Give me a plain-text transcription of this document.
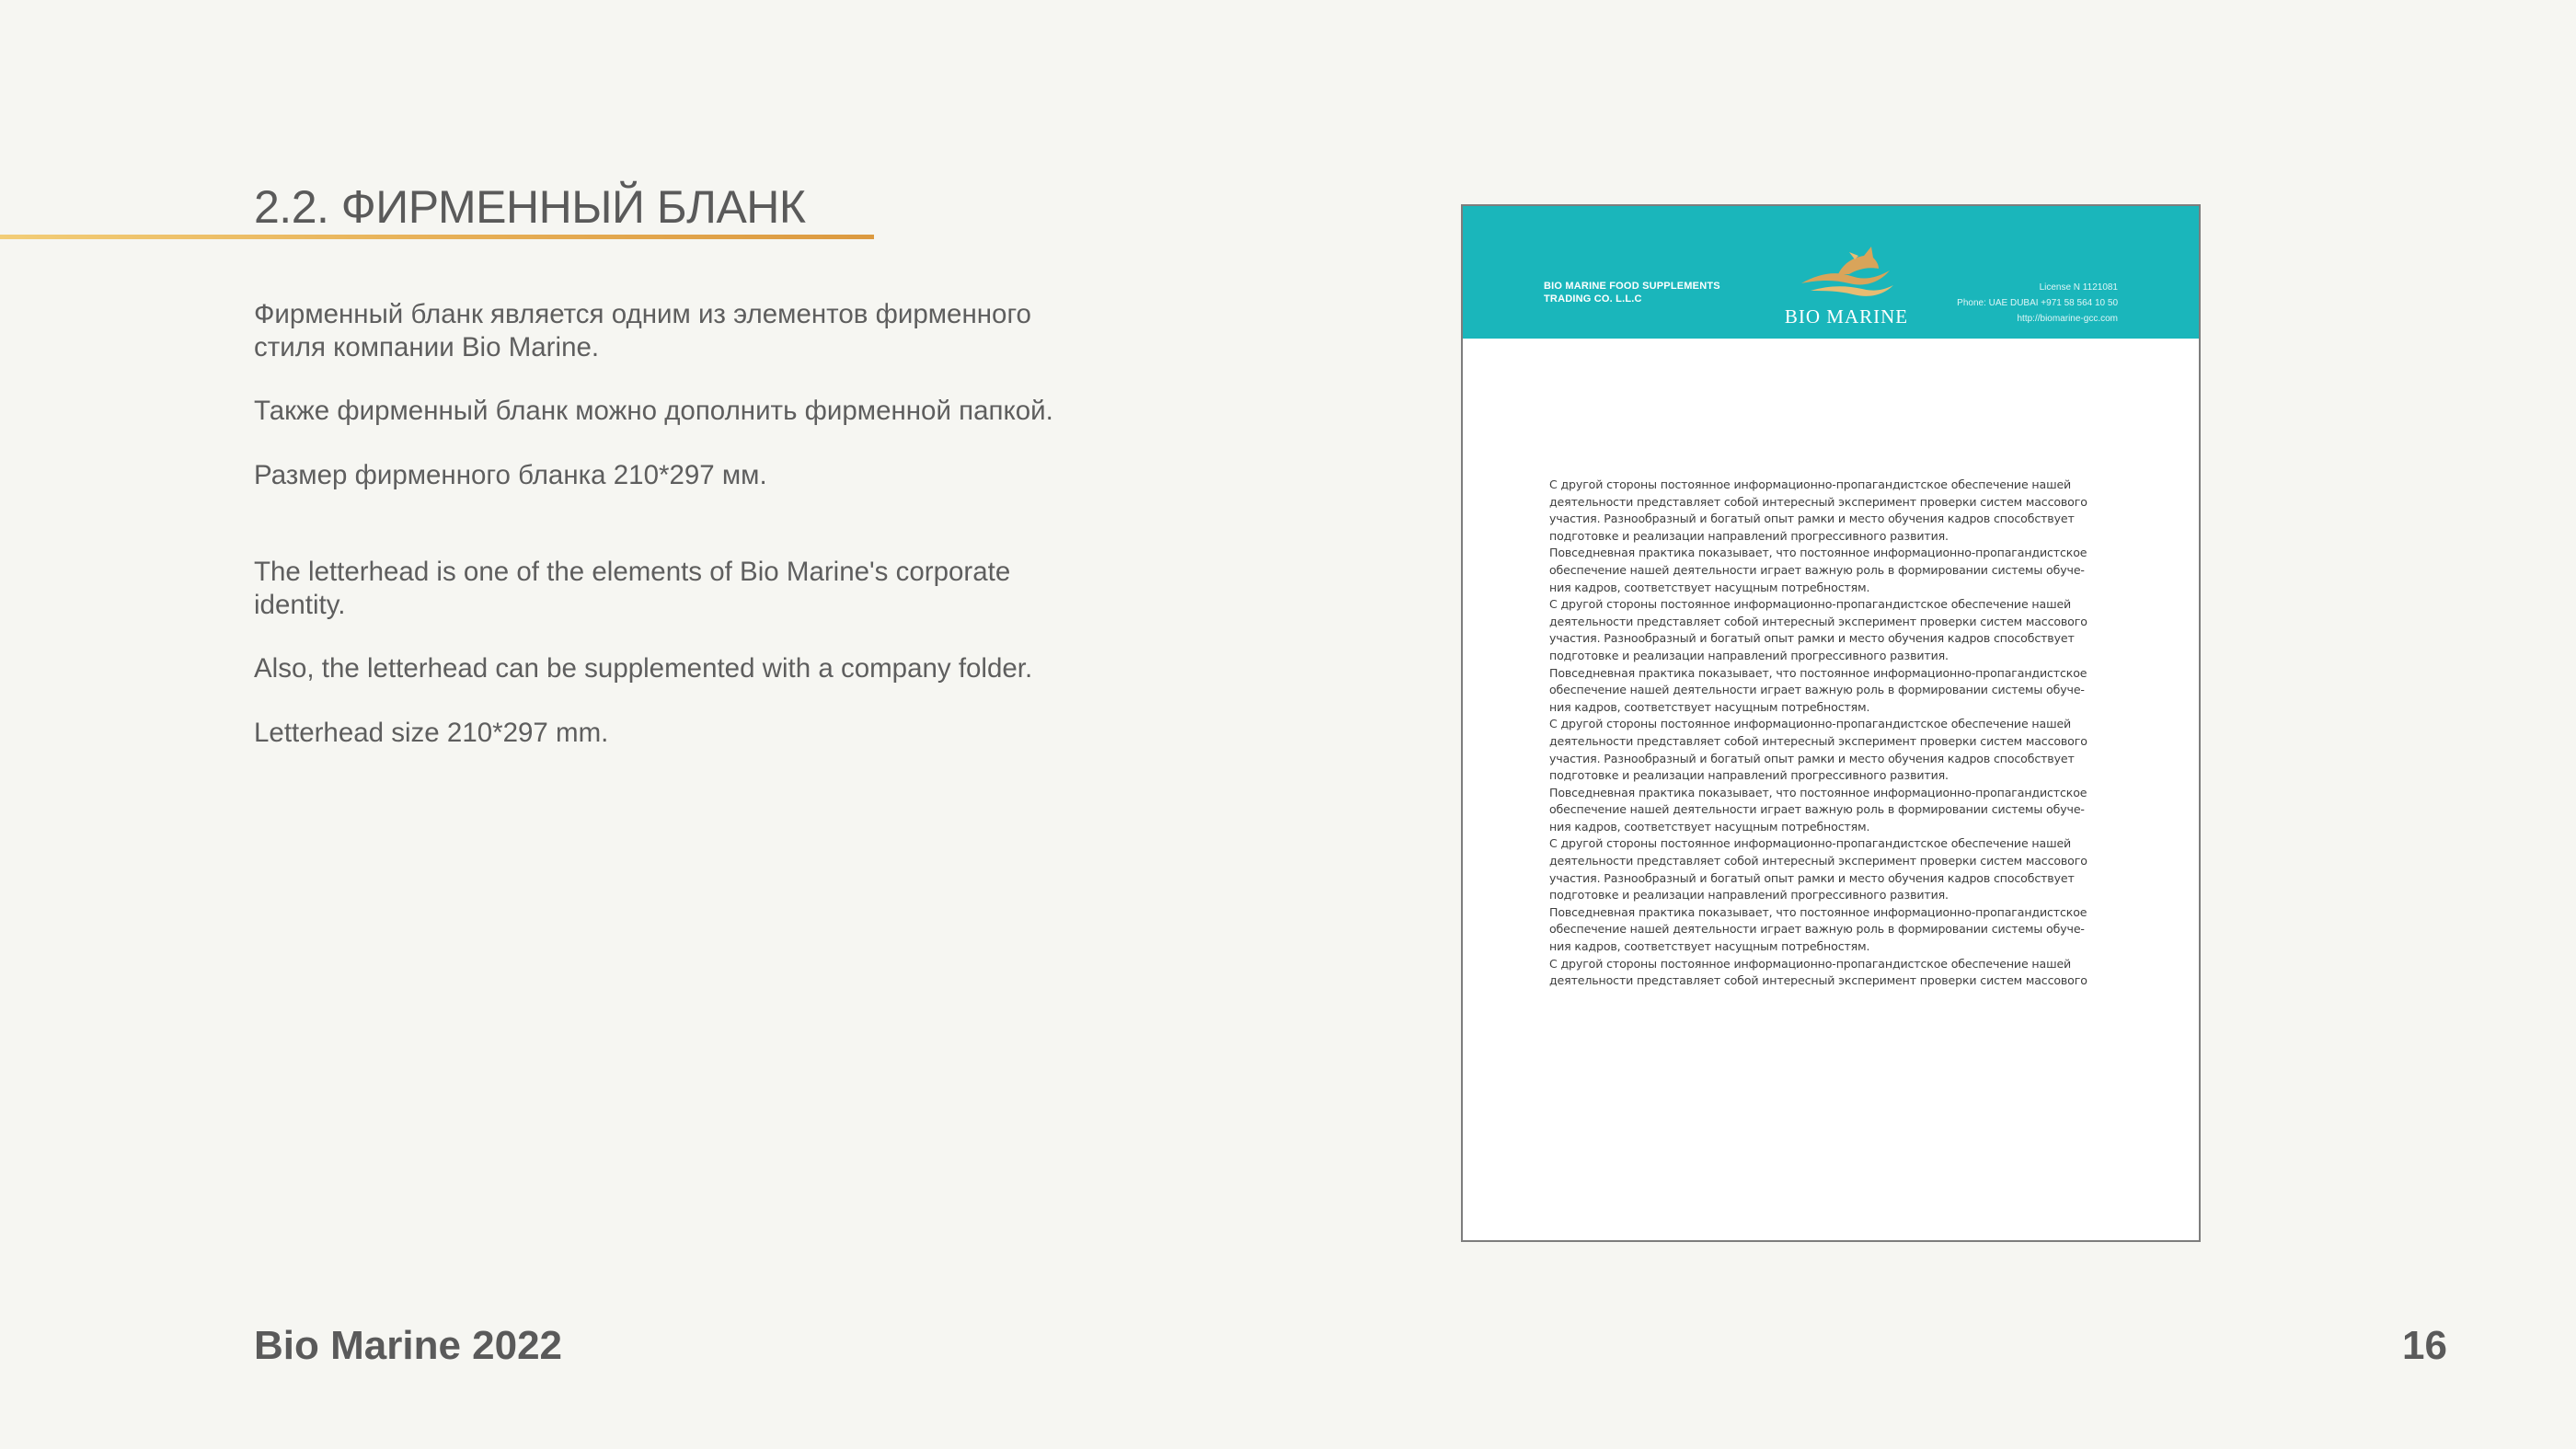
2.2. ФИРМЕННЫЙ БЛАНК

Фирменный бланк является одним из элементов фирменного стиля компании Bio Marine.

Также фирменный бланк можно дополнить фирменной папкой.

Размер фирменного бланка 210*297 мм.

The letterhead is one of the elements of Bio Marine's corporate identity.

Also, the letterhead can be supplemented with a company folder.

Letterhead size 210*297 mm.

BIO MARINE FOOD SUPPLEMENTS
TRADING CO. L.L.C
BIO MARINE
License N 1121081
Phone: UAE DUBAI +971 58 564 10 50
http://biomarine-gcc.com
С другой стороны постоянное информационно-пропагандистское обеспечение нашей
деятельности представляет собой интересный эксперимент проверки систем массового
участия. Разнообразный и богатый опыт рамки и место обучения кадров способствует
подготовке и реализации направлений прогрессивного развития.
Повседневная практика показывает, что постоянное информационно-пропагандистское
обеспечение нашей деятельности играет важную роль в формировании системы обуче-
ния кадров, соответствует насущным потребностям.
С другой стороны постоянное информационно-пропагандистское обеспечение нашей
деятельности представляет собой интересный эксперимент проверки систем массового
участия. Разнообразный и богатый опыт рамки и место обучения кадров способствует
подготовке и реализации направлений прогрессивного развития.
Повседневная практика показывает, что постоянное информационно-пропагандистское
обеспечение нашей деятельности играет важную роль в формировании системы обуче-
ния кадров, соответствует насущным потребностям.
С другой стороны постоянное информационно-пропагандистское обеспечение нашей
деятельности представляет собой интересный эксперимент проверки систем массового
участия. Разнообразный и богатый опыт рамки и место обучения кадров способствует
подготовке и реализации направлений прогрессивного развития.
Повседневная практика показывает, что постоянное информационно-пропагандистское
обеспечение нашей деятельности играет важную роль в формировании системы обуче-
ния кадров, соответствует насущным потребностям.
С другой стороны постоянное информационно-пропагандистское обеспечение нашей
деятельности представляет собой интересный эксперимент проверки систем массового
участия. Разнообразный и богатый опыт рамки и место обучения кадров способствует
подготовке и реализации направлений прогрессивного развития.
Повседневная практика показывает, что постоянное информационно-пропагандистское
обеспечение нашей деятельности играет важную роль в формировании системы обуче-
ния кадров, соответствует насущным потребностям.
С другой стороны постоянное информационно-пропагандистское обеспечение нашей
деятельности представляет собой интересный эксперимент проверки систем массового
Bio Marine 2022	16
